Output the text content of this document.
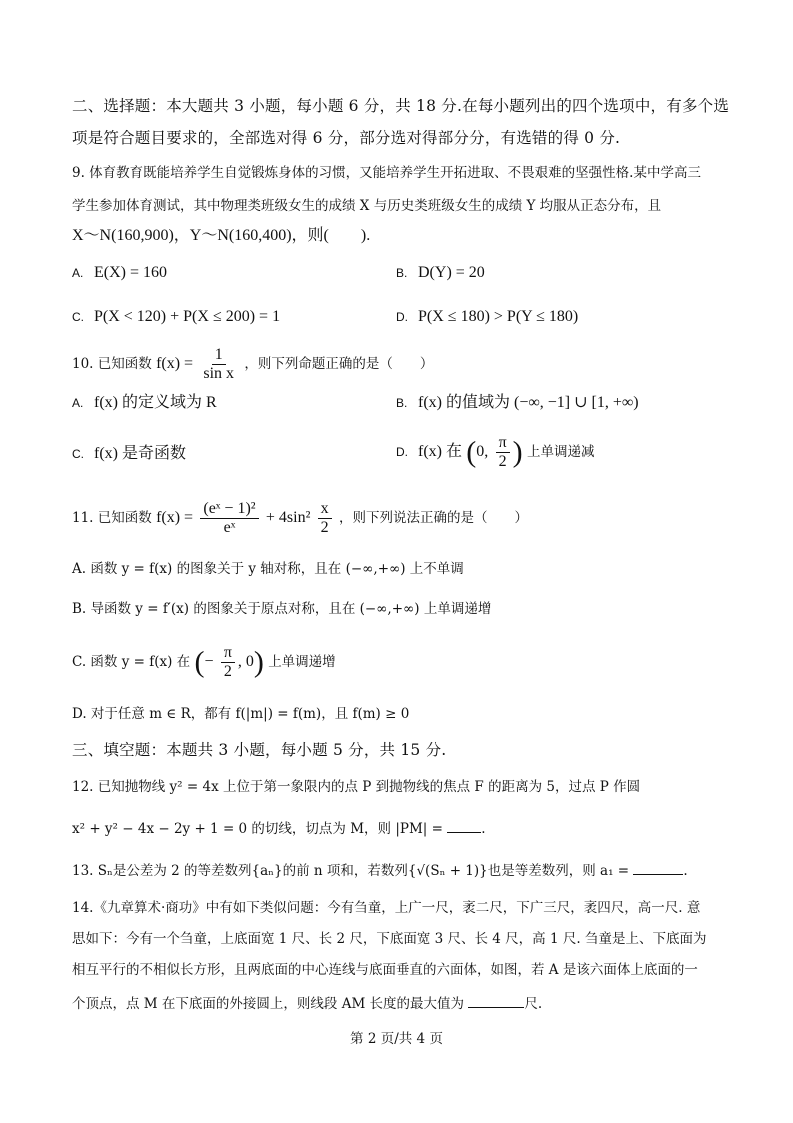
二、选择题：本大题共 3 小题，每小题 6 分，共 18 分.在每小题列出的四个选项中，有多个选
项是符合题目要求的，全部选对得 6 分，部分选对得部分分，有选错的得 0 分.
9. 体育教育既能培养学生自觉锻炼身体的习惯，又能培养学生开拓进取、不畏艰难的坚强性格.某中学高三
学生参加体育测试，其中物理类班级女生的成绩 X 与历史类班级女生的成绩 Y 均服从正态分布，且
X～N(160,900)，Y～N(160,400)，则(　　).
A. E(X) = 160	B. D(Y) = 20
C. P(X < 120) + P(X ≤ 200) = 1	D. P(X ≤ 180) > P(Y ≤ 180)
10. 已知函数 $f(x) = \frac{1}{\text{sin x}}$ ，则下列命题正确的是（　　）
A. f(x) 的定义域为 R	B. f(x) 的值域为 (−∞, −1] ∪ [1, +∞)
C. f(x) 是奇函数	D. f(x) 在 (0, $\frac{\pi}{2}$ ) 上单调递减
11. 已知函数 $f(x) = \frac{\text{(eˣ − 1)²}}{\text{eˣ}} + 4\sin^2 \frac{x}{2}$ ，则下列说法正确的是（　　）
A. 函数 y = f(x) 的图象关于 y 轴对称，且在 (−∞,+∞) 上不单调
B. 导函数 y = f′(x) 的图象关于原点对称，且在 (−∞,+∞) 上单调递增
C. 函数 y = f(x) 在 (− $\frac{\pi}{2}$ , 0) 上单调递增
D. 对于任意 m ∈ R，都有 f(|m|) = f(m)，且 f(m) ≥ 0
三、填空题：本题共 3 小题，每小题 5 分，共 15 分.
12. 已知抛物线 y² = 4x 上位于第一象限内的点 P 到抛物线的焦点 F 的距离为 5，过点 P 作圆
x² + y² − 4x − 2y + 1 = 0 的切线，切点为 M，则 |PM| =	.
13. Sₙ是公差为 2 的等差数列{aₙ}的前 n 项和，若数列{√(Sₙ + 1)}也是等差数列，则 a₁ =	.
14.《九章算术·商功》中有如下类似问题：今有刍童，上广一尺，袤二尺，下广三尺，袤四尺，高一尺. 意
思如下：今有一个刍童，上底面宽 1 尺、长 2 尺，下底面宽 3 尺、长 4 尺，高 1 尺. 刍童是上、下底面为
相互平行的不相似长方形，且两底面的中心连线与底面垂直的六面体，如图，若 A 是该六面体上底面的一
个顶点，点 M 在下底面的外接圆上，则线段 AM 长度的最大值为	尺.
第 2 页/共 4 页
